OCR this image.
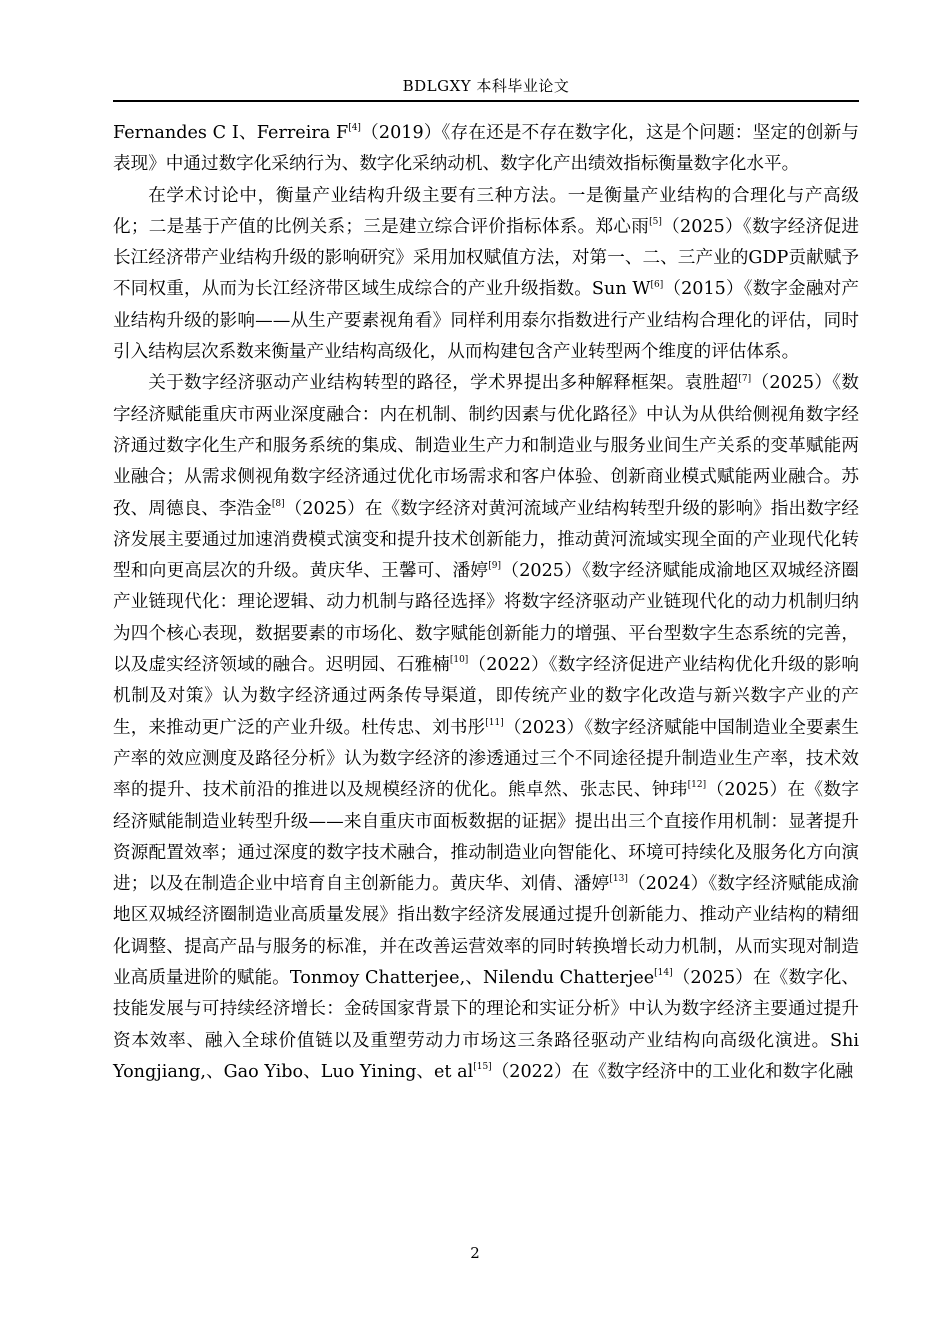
BDLGXY 本科毕业论文

Fernandes C I、Ferreira F[4]（2019）《存在还是不存在数字化，这是个问题：坚定的创新与表现》中通过数字化采纳行为、数字化采纳动机、数字化产出绩效指标衡量数字化水平。

在学术讨论中，衡量产业结构升级主要有三种方法。一是衡量产业结构的合理化与产高级化；二是基于产值的比例关系；三是建立综合评价指标体系。郑心雨[5]（2025）《数字经济促进长江经济带产业结构升级的影响研究》采用加权赋值方法，对第一、二、三产业的GDP贡献赋予不同权重，从而为长江经济带区域生成综合的产业升级指数。Sun W[6]（2015）《数字金融对产业结构升级的影响——从生产要素视角看》同样利用泰尔指数进行产业结构合理化的评估，同时引入结构层次系数来衡量产业结构高级化，从而构建包含产业转型两个维度的评估体系。

关于数字经济驱动产业结构转型的路径，学术界提出多种解释框架。袁胜超[7]（2025）《数字经济赋能重庆市两业深度融合：内在机制、制约因素与优化路径》中认为从供给侧视角数字经济通过数字化生产和服务系统的集成、制造业生产力和制造业与服务业间生产关系的变革赋能两业融合；从需求侧视角数字经济通过优化市场需求和客户体验、创新商业模式赋能两业融合。苏孜、周德良、李浩金[8]（2025）在《数字经济对黄河流域产业结构转型升级的影响》指出数字经济发展主要通过加速消费模式演变和提升技术创新能力，推动黄河流域实现全面的产业现代化转型和向更高层次的升级。黄庆华、王馨可、潘婷[9]（2025）《数字经济赋能成渝地区双城经济圈产业链现代化：理论逻辑、动力机制与路径选择》将数字经济驱动产业链现代化的动力机制归纳为四个核心表现，数据要素的市场化、数字赋能创新能力的增强、平台型数字生态系统的完善，以及虚实经济领域的融合。迟明园、石雅楠[10]（2022）《数字经济促进产业结构优化升级的影响机制及对策》认为数字经济通过两条传导渠道，即传统产业的数字化改造与新兴数字产业的产生，来推动更广泛的产业升级。杜传忠、刘书彤[11]（2023）《数字经济赋能中国制造业全要素生产率的效应测度及路径分析》认为数字经济的渗透通过三个不同途径提升制造业生产率，技术效率的提升、技术前沿的推进以及规模经济的优化。熊卓然、张志民、钟玮[12]（2025）在《数字经济赋能制造业转型升级——来自重庆市面板数据的证据》提出出三个直接作用机制：显著提升资源配置效率；通过深度的数字技术融合，推动制造业向智能化、环境可持续化及服务化方向演进；以及在制造企业中培育自主创新能力。黄庆华、刘倩、潘婷[13]（2024）《数字经济赋能成渝地区双城经济圈制造业高质量发展》指出数字经济发展通过提升创新能力、推动产业结构的精细化调整、提高产品与服务的标准，并在改善运营效率的同时转换增长动力机制，从而实现对制造业高质量进阶的赋能。Tonmoy Chatterjee,、Nilendu Chatterjee[14]（2025）在《数字化、技能发展与可持续经济增长：金砖国家背景下的理论和实证分析》中认为数字经济主要通过提升资本效率、融入全球价值链以及重塑劳动力市场这三条路径驱动产业结构向高级化演进。Shi Yongjiang,、Gao Yibo、Luo Yining、et al[15]（2022）在《数字经济中的工业化和数字化融

2
